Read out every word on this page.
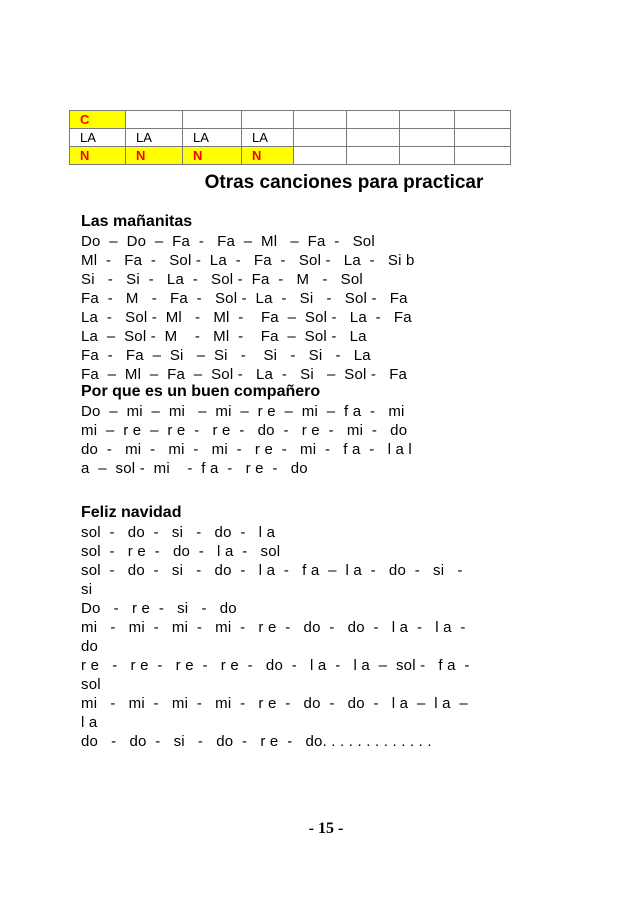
C							
LA	LA	LA	LA				
N	N	N	N				
Otras canciones para practicar

Las mañanitas

Do  –  Do  –  Fa  -   Fa  –  Ml   –  Fa  -   Sol

Ml  -   Fa  -   Sol -  La  -   Fa  -   Sol -   La  -   Si b

Si   -   Si  -   La  -   Sol -  Fa  -   M   -   Sol

Fa  -   M   -   Fa  -   Sol -  La  -   Si   -   Sol -   Fa

La  -   Sol -  Ml   -   Ml  -    Fa  –  Sol -   La  -   Fa

La  –  Sol -  M    -   Ml  -    Fa  –  Sol -   La

Fa  -   Fa  –  Si   –  Si   -    Si   -   Si   -   La

Fa  –  Ml  –  Fa  –  Sol -   La  -   Si   –  Sol -   Fa

Por que es un buen compañero

Do  –  mi  –  mi   –  mi  –  r e  –  mi  –  f a  -   mi

mi  –  r e  –  r e  -   r e  -   do  -   r e  -   mi  -   do

do  -   mi  -   mi  -   mi  -   r e  -   mi  -   f a  -   l a l

a  –  sol -  mi    -  f a  -   r e  -   do

Feliz navidad

sol  -   do  -   si   -   do  -   l a

sol  -   r e  -   do  -   l a  -   sol

sol  -   do  -   si   -   do  -   l a  -   f a  –  l a  -   do  -   si   -

si

Do   -   r e  -   si   -   do

mi   -   mi  -   mi  -   mi  -   r e  -   do  -   do  -   l a  -   l a  -

do

r e   -   r e  -   r e  -   r e  -   do  -   l a  -   l a  –  sol -   f a  -

sol

mi   -   mi  -   mi  -   mi  -   r e  -   do  -   do  -   l a  –  l a  –

l a

do   -   do  -   si   -   do  -   r e  -   do. . . . . . . . . . . . .

- 15 -
